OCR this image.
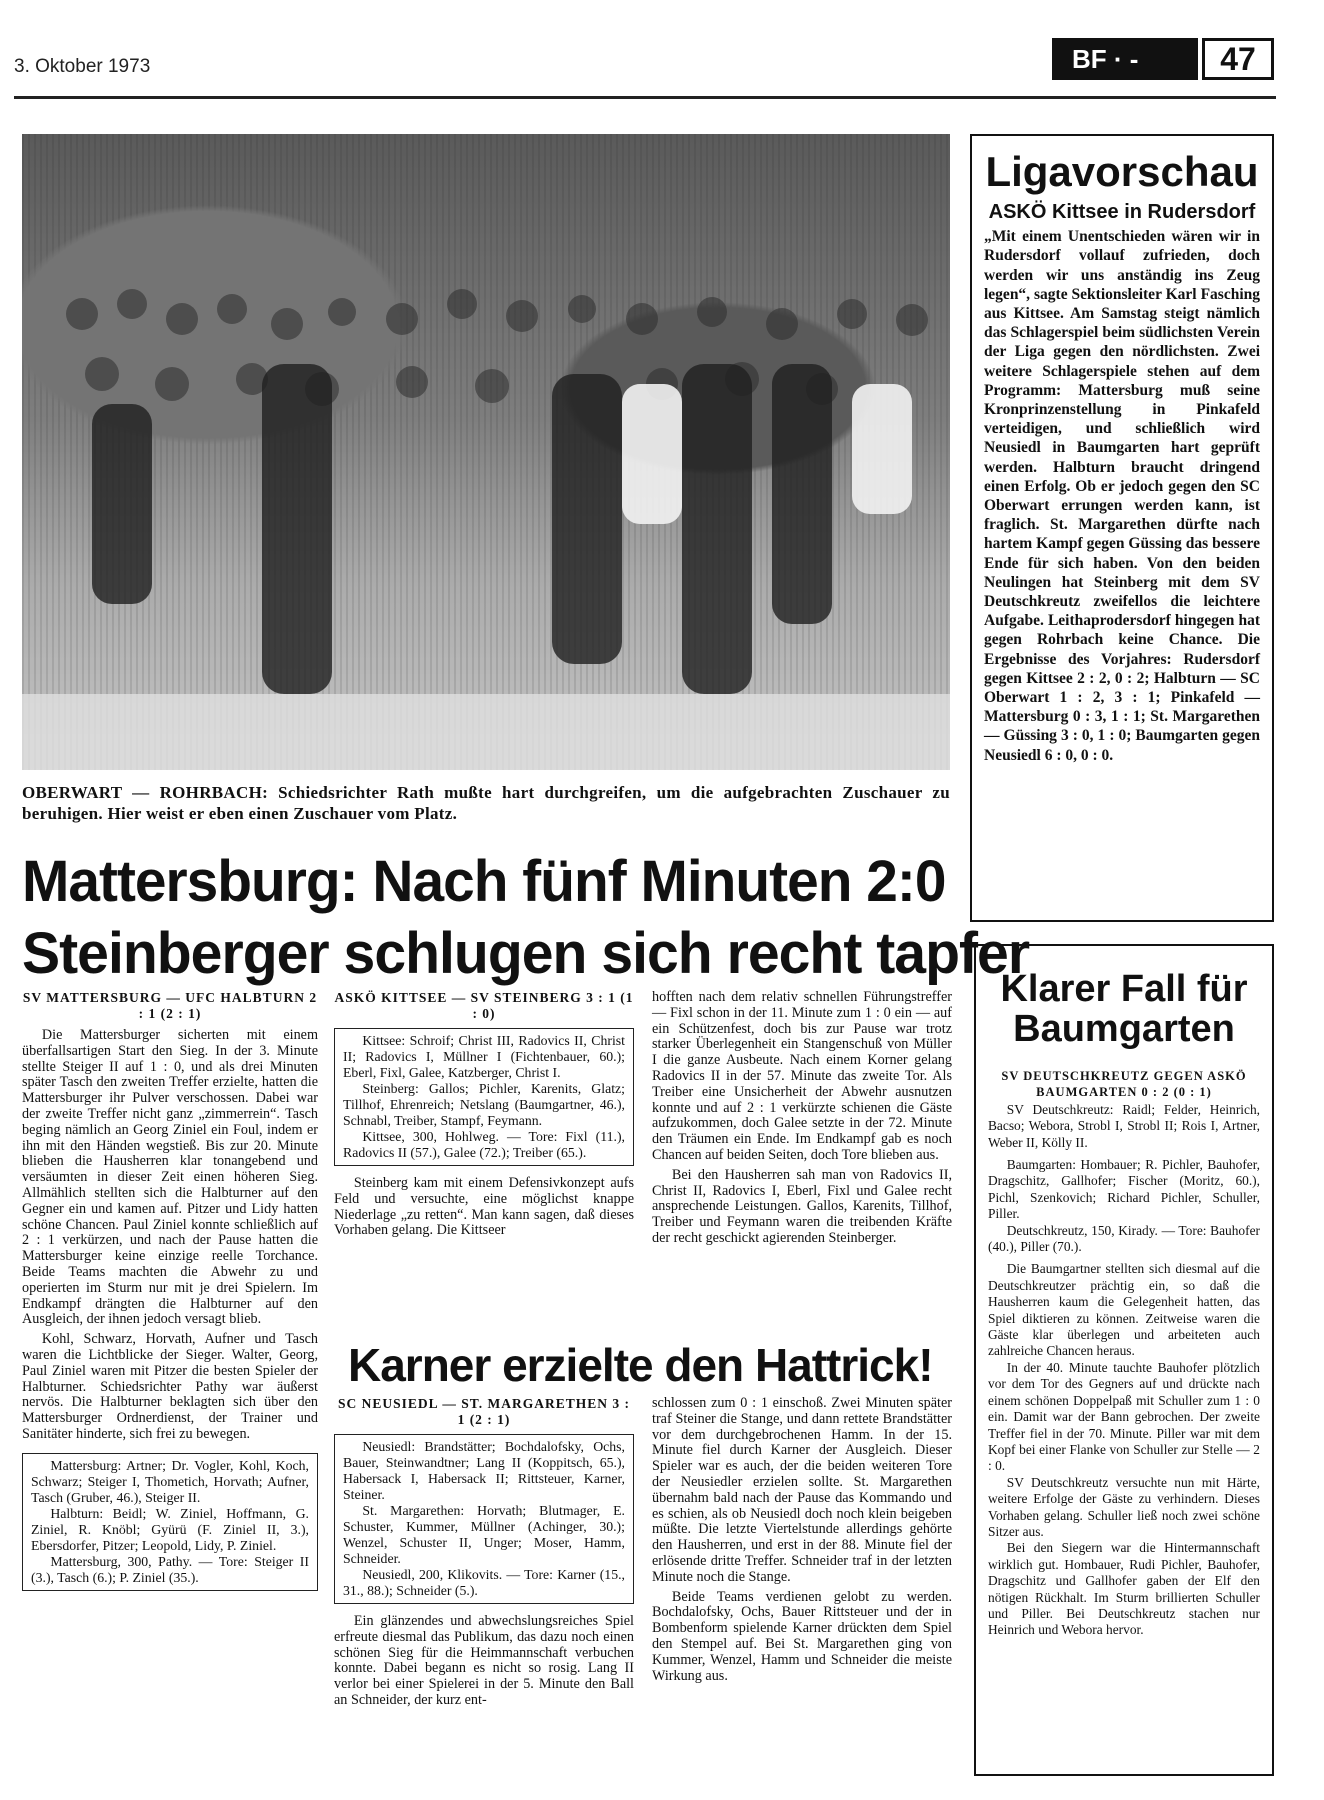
3. Oktober 1973	BF · -	47
OBERWART — ROHRBACH: Schiedsrichter Rath mußte hart durchgreifen, um die aufgebrachten Zuschauer zu beruhigen. Hier weist er eben einen Zuschauer vom Platz.
Mattersburg: Nach fünf Minuten 2:0
Steinberger schlugen sich recht tapfer
SV MATTERSBURG — UFC HALBTURN 2 : 1 (2 : 1)

Die Mattersburger sicherten mit einem überfallsartigen Start den Sieg. In der 3. Minute stellte Steiger II auf 1 : 0, und als drei Minuten später Tasch den zweiten Treffer erzielte, hatten die Mattersburger ihr Pulver verschossen. Dabei war der zweite Treffer nicht ganz „zimmerrein“. Tasch beging nämlich an Georg Ziniel ein Foul, indem er ihn mit den Händen wegstieß. Bis zur 20. Minute blieben die Hausherren klar tonangebend und versäumten in dieser Zeit einen höheren Sieg. Allmählich stellten sich die Halbturner auf den Gegner ein und kamen auf. Pitzer und Lidy hatten schöne Chancen. Paul Ziniel konnte schließlich auf 2 : 1 verkürzen, und nach der Pause hatten die Mattersburger keine einzige reelle Torchance. Beide Teams machten die Abwehr zu und operierten im Sturm nur mit je drei Spielern. Im Endkampf drängten die Halbturner auf den Ausgleich, der ihnen jedoch versagt blieb.

Kohl, Schwarz, Horvath, Aufner und Tasch waren die Lichtblicke der Sieger. Walter, Georg, Paul Ziniel waren mit Pitzer die besten Spieler der Halbturner. Schiedsrichter Pathy war äußerst nervös. Die Halbturner beklagten sich über den Mattersburger Ordnerdienst, der Trainer und Sanitäter hinderte, sich frei zu bewegen.

Mattersburg: Artner; Dr. Vogler, Kohl, Koch, Schwarz; Steiger I, Thometich, Horvath; Aufner, Tasch (Gruber, 46.), Steiger II.

Halbturn: Beidl; W. Ziniel, Hoffmann, G. Ziniel, R. Knöbl; Gyürü (F. Ziniel II, 3.), Ebersdorfer, Pitzer; Leopold, Lidy, P. Ziniel.

Mattersburg, 300, Pathy. — Tore: Steiger II (3.), Tasch (6.); P. Ziniel (35.).

ASKÖ KITTSEE — SV STEINBERG 3 : 1 (1 : 0)

Kittsee: Schroif; Christ III, Radovics II, Christ II; Radovics I, Müllner I (Fichtenbauer, 60.); Eberl, Fixl, Galee, Katzberger, Christ I.

Steinberg: Gallos; Pichler, Karenits, Glatz; Tillhof, Ehrenreich; Netslang (Baumgartner, 46.), Schnabl, Treiber, Stampf, Feymann.

Kittsee, 300, Hohlweg. — Tore: Fixl (11.), Radovics II (57.), Galee (72.); Treiber (65.).

Steinberg kam mit einem Defensivkonzept aufs Feld und versuchte, eine möglichst knappe Niederlage „zu retten“. Man kann sagen, daß dieses Vorhaben gelang. Die Kittseer

hofften nach dem relativ schnellen Führungstreffer — Fixl schon in der 11. Minute zum 1 : 0 ein — auf ein Schützenfest, doch bis zur Pause war trotz starker Überlegenheit ein Stangenschuß von Müller I die ganze Ausbeute. Nach einem Korner gelang Radovics II in der 57. Minute das zweite Tor. Als Treiber eine Unsicherheit der Abwehr ausnutzen konnte und auf 2 : 1 verkürzte schienen die Gäste aufzukommen, doch Galee setzte in der 72. Minute den Träumen ein Ende. Im Endkampf gab es noch Chancen auf beiden Seiten, doch Tore blieben aus.

Bei den Hausherren sah man von Radovics II, Christ II, Radovics I, Eberl, Fixl und Galee recht ansprechende Leistungen. Gallos, Karenits, Tillhof, Treiber und Feymann waren die treibenden Kräfte der recht geschickt agierenden Steinberger.

Karner erzielte den Hattrick!
SC NEUSIEDL — ST. MARGARETHEN 3 : 1 (2 : 1)

Neusiedl: Brandstätter; Bochdalofsky, Ochs, Bauer, Steinwandtner; Lang II (Koppitsch, 65.), Habersack I, Habersack II; Rittsteuer, Karner, Steiner.

St. Margarethen: Horvath; Blutmager, E. Schuster, Kummer, Müllner (Achinger, 30.); Wenzel, Schuster II, Unger; Moser, Hamm, Schneider.

Neusiedl, 200, Klikovits. — Tore: Karner (15., 31., 88.); Schneider (5.).

Ein glänzendes und abwechslungsreiches Spiel erfreute diesmal das Publikum, das dazu noch einen schönen Sieg für die Heimmannschaft verbuchen konnte. Dabei begann es nicht so rosig. Lang II verlor bei einer Spielerei in der 5. Minute den Ball an Schneider, der kurz ent-

schlossen zum 0 : 1 einschoß. Zwei Minuten später traf Steiner die Stange, und dann rettete Brandstätter vor dem durchgebrochenen Hamm. In der 15. Minute fiel durch Karner der Ausgleich. Dieser Spieler war es auch, der die beiden weiteren Tore der Neusiedler erzielen sollte. St. Margarethen übernahm bald nach der Pause das Kommando und es schien, als ob Neusiedl doch noch klein beigeben müßte. Die letzte Viertelstunde allerdings gehörte den Hausherren, und erst in der 88. Minute fiel der erlösende dritte Treffer. Schneider traf in der letzten Minute noch die Stange.

Beide Teams verdienen gelobt zu werden. Bochdalofsky, Ochs, Bauer Rittsteuer und der in Bombenform spielende Karner drückten dem Spiel den Stempel auf. Bei St. Margarethen ging von Kummer, Wenzel, Hamm und Schneider die meiste Wirkung aus.

Ligavorschau
ASKÖ Kittsee in Rudersdorf
„Mit einem Unentschieden wären wir in Rudersdorf vollauf zufrieden, doch werden wir uns anständig ins Zeug legen“, sagte Sektionsleiter Karl Fasching aus Kittsee. Am Samstag steigt nämlich das Schlagerspiel beim südlichsten Verein der Liga gegen den nördlichsten. Zwei weitere Schlagerspiele stehen auf dem Programm: Mattersburg muß seine Kronprinzenstellung in Pinkafeld verteidigen, und schließlich wird Neusiedl in Baumgarten hart geprüft werden. Halbturn braucht dringend einen Erfolg. Ob er jedoch gegen den SC Oberwart errungen werden kann, ist fraglich. St. Margarethen dürfte nach hartem Kampf gegen Güssing das bessere Ende für sich haben. Von den beiden Neulingen hat Steinberg mit dem SV Deutschkreutz zweifellos die leichtere Aufgabe. Leithaprodersdorf hingegen hat gegen Rohrbach keine Chance. Die Ergebnisse des Vorjahres: Rudersdorf gegen Kittsee 2 : 2, 0 : 2; Halbturn — SC Oberwart 1 : 2, 3 : 1; Pinkafeld — Mattersburg 0 : 3, 1 : 1; St. Margarethen — Güssing 3 : 0, 1 : 0; Baumgarten gegen Neusiedl 6 : 0, 0 : 0.
Klarer Fall für Baumgarten
SV DEUTSCHKREUTZ GEGEN ASKÖ BAUMGARTEN 0 : 2 (0 : 1)

SV Deutschkreutz: Raidl; Felder, Heinrich, Bacso; Webora, Strobl I, Strobl II; Rois I, Artner, Weber II, Kölly II.

Baumgarten: Hombauer; R. Pichler, Bauhofer, Dragschitz, Gallhofer; Fischer (Moritz, 60.), Pichl, Szenkovich; Richard Pichler, Schuller, Piller.

Deutschkreutz, 150, Kirady. — Tore: Bauhofer (40.), Piller (70.).

Die Baumgartner stellten sich diesmal auf die Deutschkreutzer prächtig ein, so daß die Hausherren kaum die Gelegenheit hatten, das Spiel diktieren zu können. Zeitweise waren die Gäste klar überlegen und arbeiteten auch zahlreiche Chancen heraus.

In der 40. Minute tauchte Bauhofer plötzlich vor dem Tor des Gegners auf und drückte nach einem schönen Doppelpaß mit Schuller zum 1 : 0 ein. Damit war der Bann gebrochen. Der zweite Treffer fiel in der 70. Minute. Piller war mit dem Kopf bei einer Flanke von Schuller zur Stelle — 2 : 0.

SV Deutschkreutz versuchte nun mit Härte, weitere Erfolge der Gäste zu verhindern. Dieses Vorhaben gelang. Schuller ließ noch zwei schöne Sitzer aus.

Bei den Siegern war die Hintermannschaft wirklich gut. Hombauer, Rudi Pichler, Bauhofer, Dragschitz und Gallhofer gaben der Elf den nötigen Rückhalt. Im Sturm brillierten Schuller und Piller. Bei Deutschkreutz stachen nur Heinrich und Webora hervor.
